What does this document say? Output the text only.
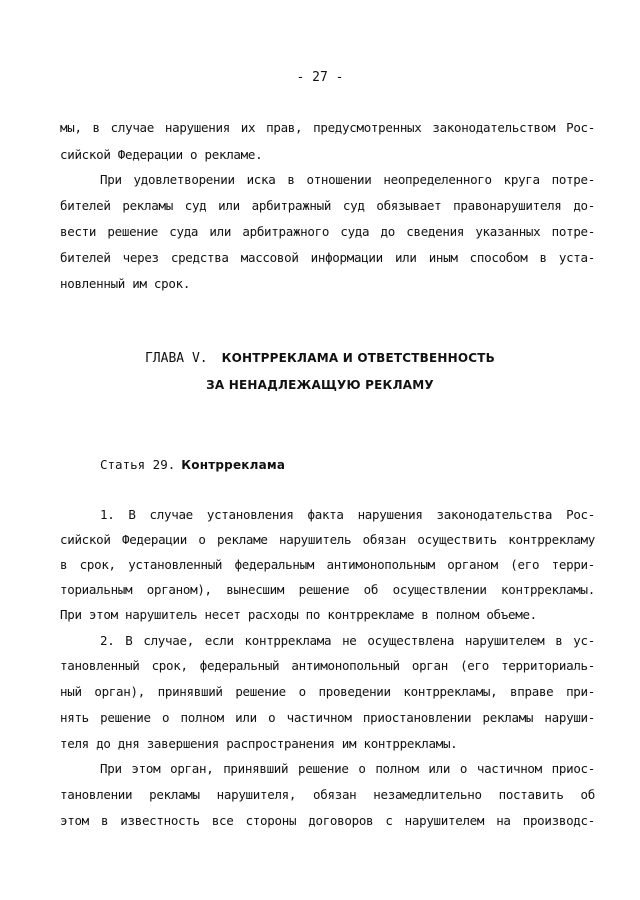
- 27 -
мы, в случае нарушения их прав, предусмотренных законодательством Рос-
сийской Федерации о рекламе.
При удовлетворении иска в отношении неопределенного круга потре-
бителей рекламы суд или арбитражный суд обязывает правонарушителя до-
вести решение суда или арбитражного суда до сведения указанных потре-
бителей через средства массовой информации или иным способом в уста-
новленный им срок.
ГЛАВА V. КОНТРРЕКЛАМА И ОТВЕТСТВЕННОСТЬ
ЗА НЕНАДЛЕЖАЩУЮ РЕКЛАМУ
Статья 29. Контрреклама
1. В случае установления факта нарушения законодательства Рос-
сийской Федерации о рекламе нарушитель обязан осуществить контррекламу
в срок, установленный федеральным антимонопольным органом (его терри-
ториальным органом), вынесшим решение об осуществлении контррекламы.
При этом нарушитель несет расходы по контррекламе в полном объеме.
2. В случае, если контрреклама не осуществлена нарушителем в ус-
тановленный срок, федеральный антимонопольный орган (его территориаль-
ный орган), принявший решение о проведении контррекламы, вправе при-
нять решение о полном или о частичном приостановлении рекламы наруши-
теля до дня завершения распространения им контррекламы.
При этом орган, принявший решение о полном или о частичном приос-
тановлении рекламы нарушителя, обязан незамедлительно поставить об
этом в известность все стороны договоров с нарушителем на производс-
